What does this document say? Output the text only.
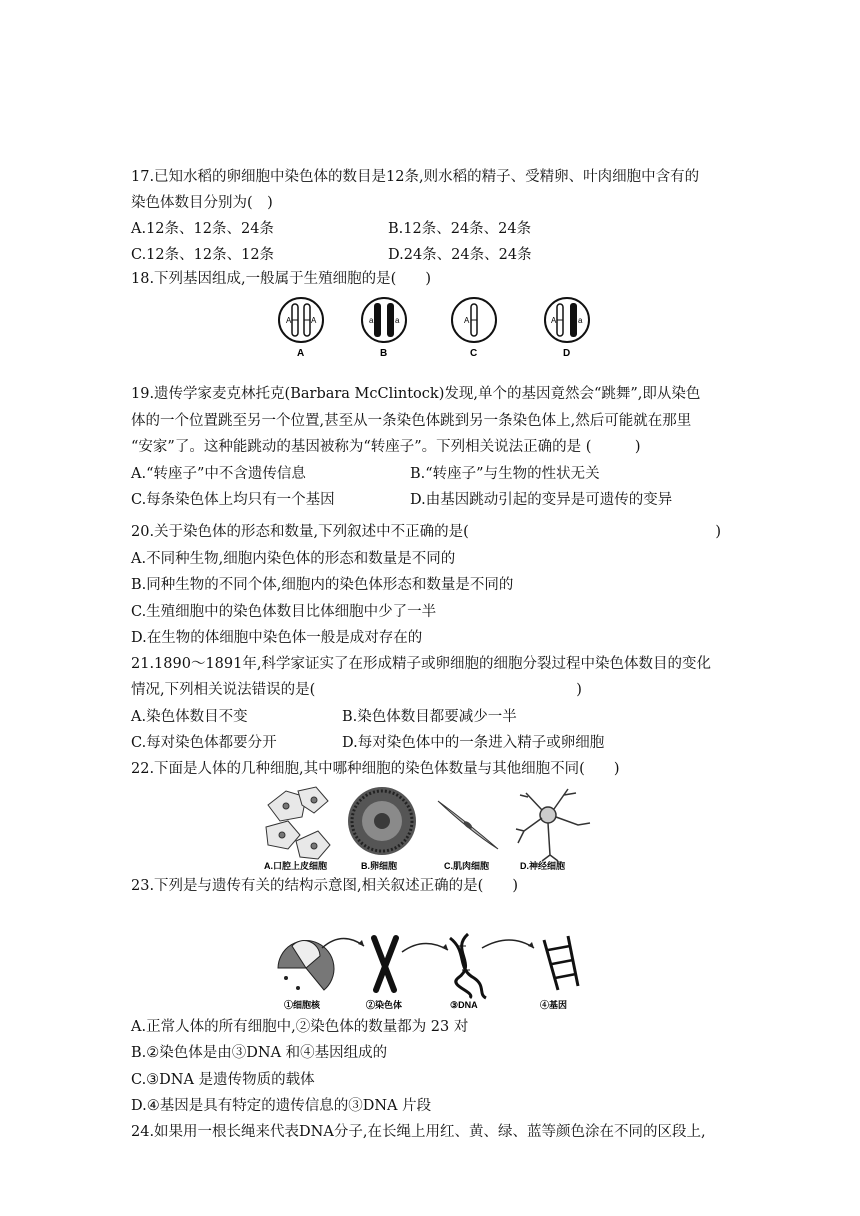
17.已知水稻的卵细胞中染色体的数目是12条,则水稻的精子、受精卵、叶肉细胞中含有的
染色体数目分别为(　)
A.12条、12条、24条	B.12条、24条、24条
C.12条、12条、12条	D.24条、24条、24条
18.下列基因组成,一般属于生殖细胞的是(　　)
A A
A
a	a
B
A
C
A	a
D
19.遗传学家麦克林托克(Barbara McClintock)发现,单个的基因竟然会“跳舞”,即从染色
体的一个位置跳至另一个位置,甚至从一条染色体跳到另一条染色体上,然后可能就在那里
“安家”了。这种能跳动的基因被称为“转座子”。下列相关说法正确的是 (　　　)
A.“转座子”中不含遗传信息	B.“转座子”与生物的性状无关
C.每条染色体上均只有一个基因	D.由基因跳动引起的变异是可遗传的变异
20.关于染色体的形态和数量,下列叙述中不正确的是(　　　　　　　　　　　　　　　　　)
A.不同种生物,细胞内染色体的形态和数量是不同的
B.同种生物的不同个体,细胞内的染色体形态和数量是不同的
C.生殖细胞中的染色体数目比体细胞中少了一半
D.在生物的体细胞中染色体一般是成对存在的
21.1890～1891年,科学家证实了在形成精子或卵细胞的细胞分裂过程中染色体数目的变化
情况,下列相关说法错误的是(　　　　　　　　　　　　　　　　　　)
A.染色体数目不变	B.染色体数目都要减少一半
C.每对染色体都要分开	D.每对染色体中的一条进入精子或卵细胞
22.下面是人体的几种细胞,其中哪种细胞的染色体数量与其他细胞不同(　　)
A.口腔上皮细胞	B.卵细胞	C.肌肉细胞	D.神经细胞
23.下列是与遗传有关的结构示意图,相关叙述正确的是(　　)
①细胞核	②染色体	③DNA	④基因
A.正常人体的所有细胞中,②染色体的数量都为 23 对
B.②染色体是由③DNA 和④基因组成的
C.③DNA 是遗传物质的载体
D.④基因是具有特定的遗传信息的③DNA 片段
24.如果用一根长绳来代表DNA分子,在长绳上用红、黄、绿、蓝等颜色涂在不同的区段上,
